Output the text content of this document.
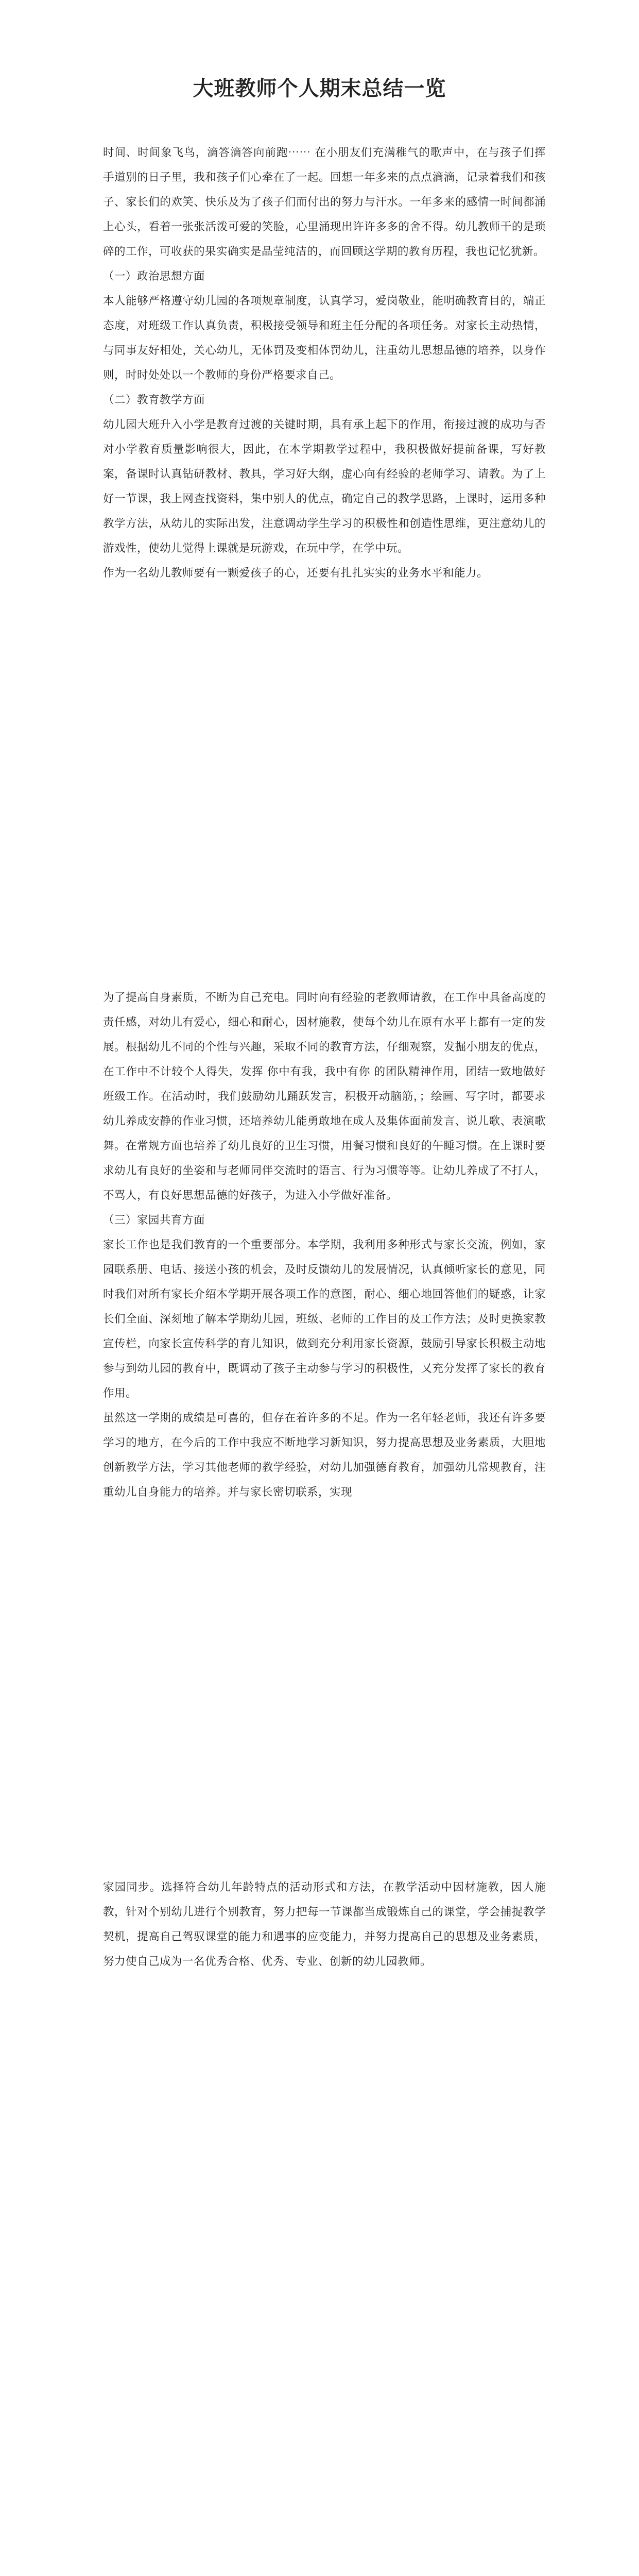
大班教师个人期末总结一览

时间、时间象飞鸟，滴答滴答向前跑⋯⋯ 在小朋友们充满稚气的歌声中，在与孩子们挥手道别的日子里，我和孩子们心牵在了一起。回想一年多来的点点滴滴，记录着我们和孩子、家长们的欢笑、快乐及为了孩子们而付出的努力与汗水。一年多来的感情一时间都涌上心头，看着一张张活泼可爱的笑脸，心里涌现出许许多多的舍不得。幼儿教师干的是琐碎的工作，可收获的果实确实是晶莹纯洁的，而回顾这学期的教育历程，我也记忆犹新。

（一）政治思想方面

本人能够严格遵守幼儿园的各项规章制度，认真学习，爱岗敬业，能明确教育目的，端正态度，对班级工作认真负责，积极接受领导和班主任分配的各项任务。对家长主动热情，与同事友好相处，关心幼儿，无体罚及变相体罚幼儿，注重幼儿思想品德的培养，以身作则，时时处处以一个教师的身份严格要求自己。

（二）教育教学方面

幼儿园大班升入小学是教育过渡的关键时期，具有承上起下的作用，衔接过渡的成功与否对小学教育质量影响很大，因此，在本学期教学过程中，我积极做好提前备课，写好教案，备课时认真钻研教材、教具，学习好大纲，虚心向有经验的老师学习、请教。为了上好一节课，我上网查找资料，集中别人的优点，确定自己的教学思路，上课时，运用多种教学方法，从幼儿的实际出发，注意调动学生学习的积极性和创造性思维，更注意幼儿的游戏性，使幼儿觉得上课就是玩游戏，在玩中学，在学中玩。

作为一名幼儿教师要有一颗爱孩子的心，还要有扎扎实实的业务水平和能力。

为了提高自身素质，不断为自己充电。同时向有经验的老教师请教，在工作中具备高度的责任感，对幼儿有爱心，细心和耐心，因材施教，使每个幼儿在原有水平上都有一定的发展。根据幼儿不同的个性与兴趣，采取不同的教育方法，仔细观察，发掘小朋友的优点，在工作中不计较个人得失，发挥 你中有我，我中有你 的团队精神作用，团结一致地做好班级工作。在活动时，我们鼓励幼儿踊跃发言，积极开动脑筋，；绘画、写字时，都要求幼儿养成安静的作业习惯，还培养幼儿能勇敢地在成人及集体面前发言、说儿歌、表演歌舞。在常规方面也培养了幼儿良好的卫生习惯，用餐习惯和良好的午睡习惯。在上课时要求幼儿有良好的坐姿和与老师同伴交流时的语言、行为习惯等等。让幼儿养成了不打人，不骂人，有良好思想品德的好孩子，为进入小学做好准备。

（三）家园共育方面

家长工作也是我们教育的一个重要部分。本学期，我利用多种形式与家长交流，例如，家园联系册、电话、接送小孩的机会，及时反馈幼儿的发展情况，认真倾听家长的意见，同时我们对所有家长介绍本学期开展各项工作的意图，耐心、细心地回答他们的疑惑，让家长们全面、深刻地了解本学期幼儿园，班级、老师的工作目的及工作方法；及时更换家教宣传栏，向家长宣传科学的育儿知识，做到充分利用家长资源，鼓励引导家长积极主动地参与到幼儿园的教育中，既调动了孩子主动参与学习的积极性，又充分发挥了家长的教育作用。

虽然这一学期的成绩是可喜的，但存在着许多的不足。作为一名年轻老师，我还有许多要学习的地方，在今后的工作中我应不断地学习新知识，努力提高思想及业务素质，大胆地创新教学方法，学习其他老师的教学经验，对幼儿加强德育教育，加强幼儿常规教育，注重幼儿自身能力的培养。并与家长密切联系，实现

家园同步。选择符合幼儿年龄特点的活动形式和方法，在教学活动中因材施教，因人施教，针对个别幼儿进行个别教育，努力把每一节课都当成锻炼自己的课堂，学会捕捉教学契机，提高自己驾驭课堂的能力和遇事的应变能力，并努力提高自己的思想及业务素质，努力使自己成为一名优秀合格、优秀、专业、创新的幼儿园教师。
